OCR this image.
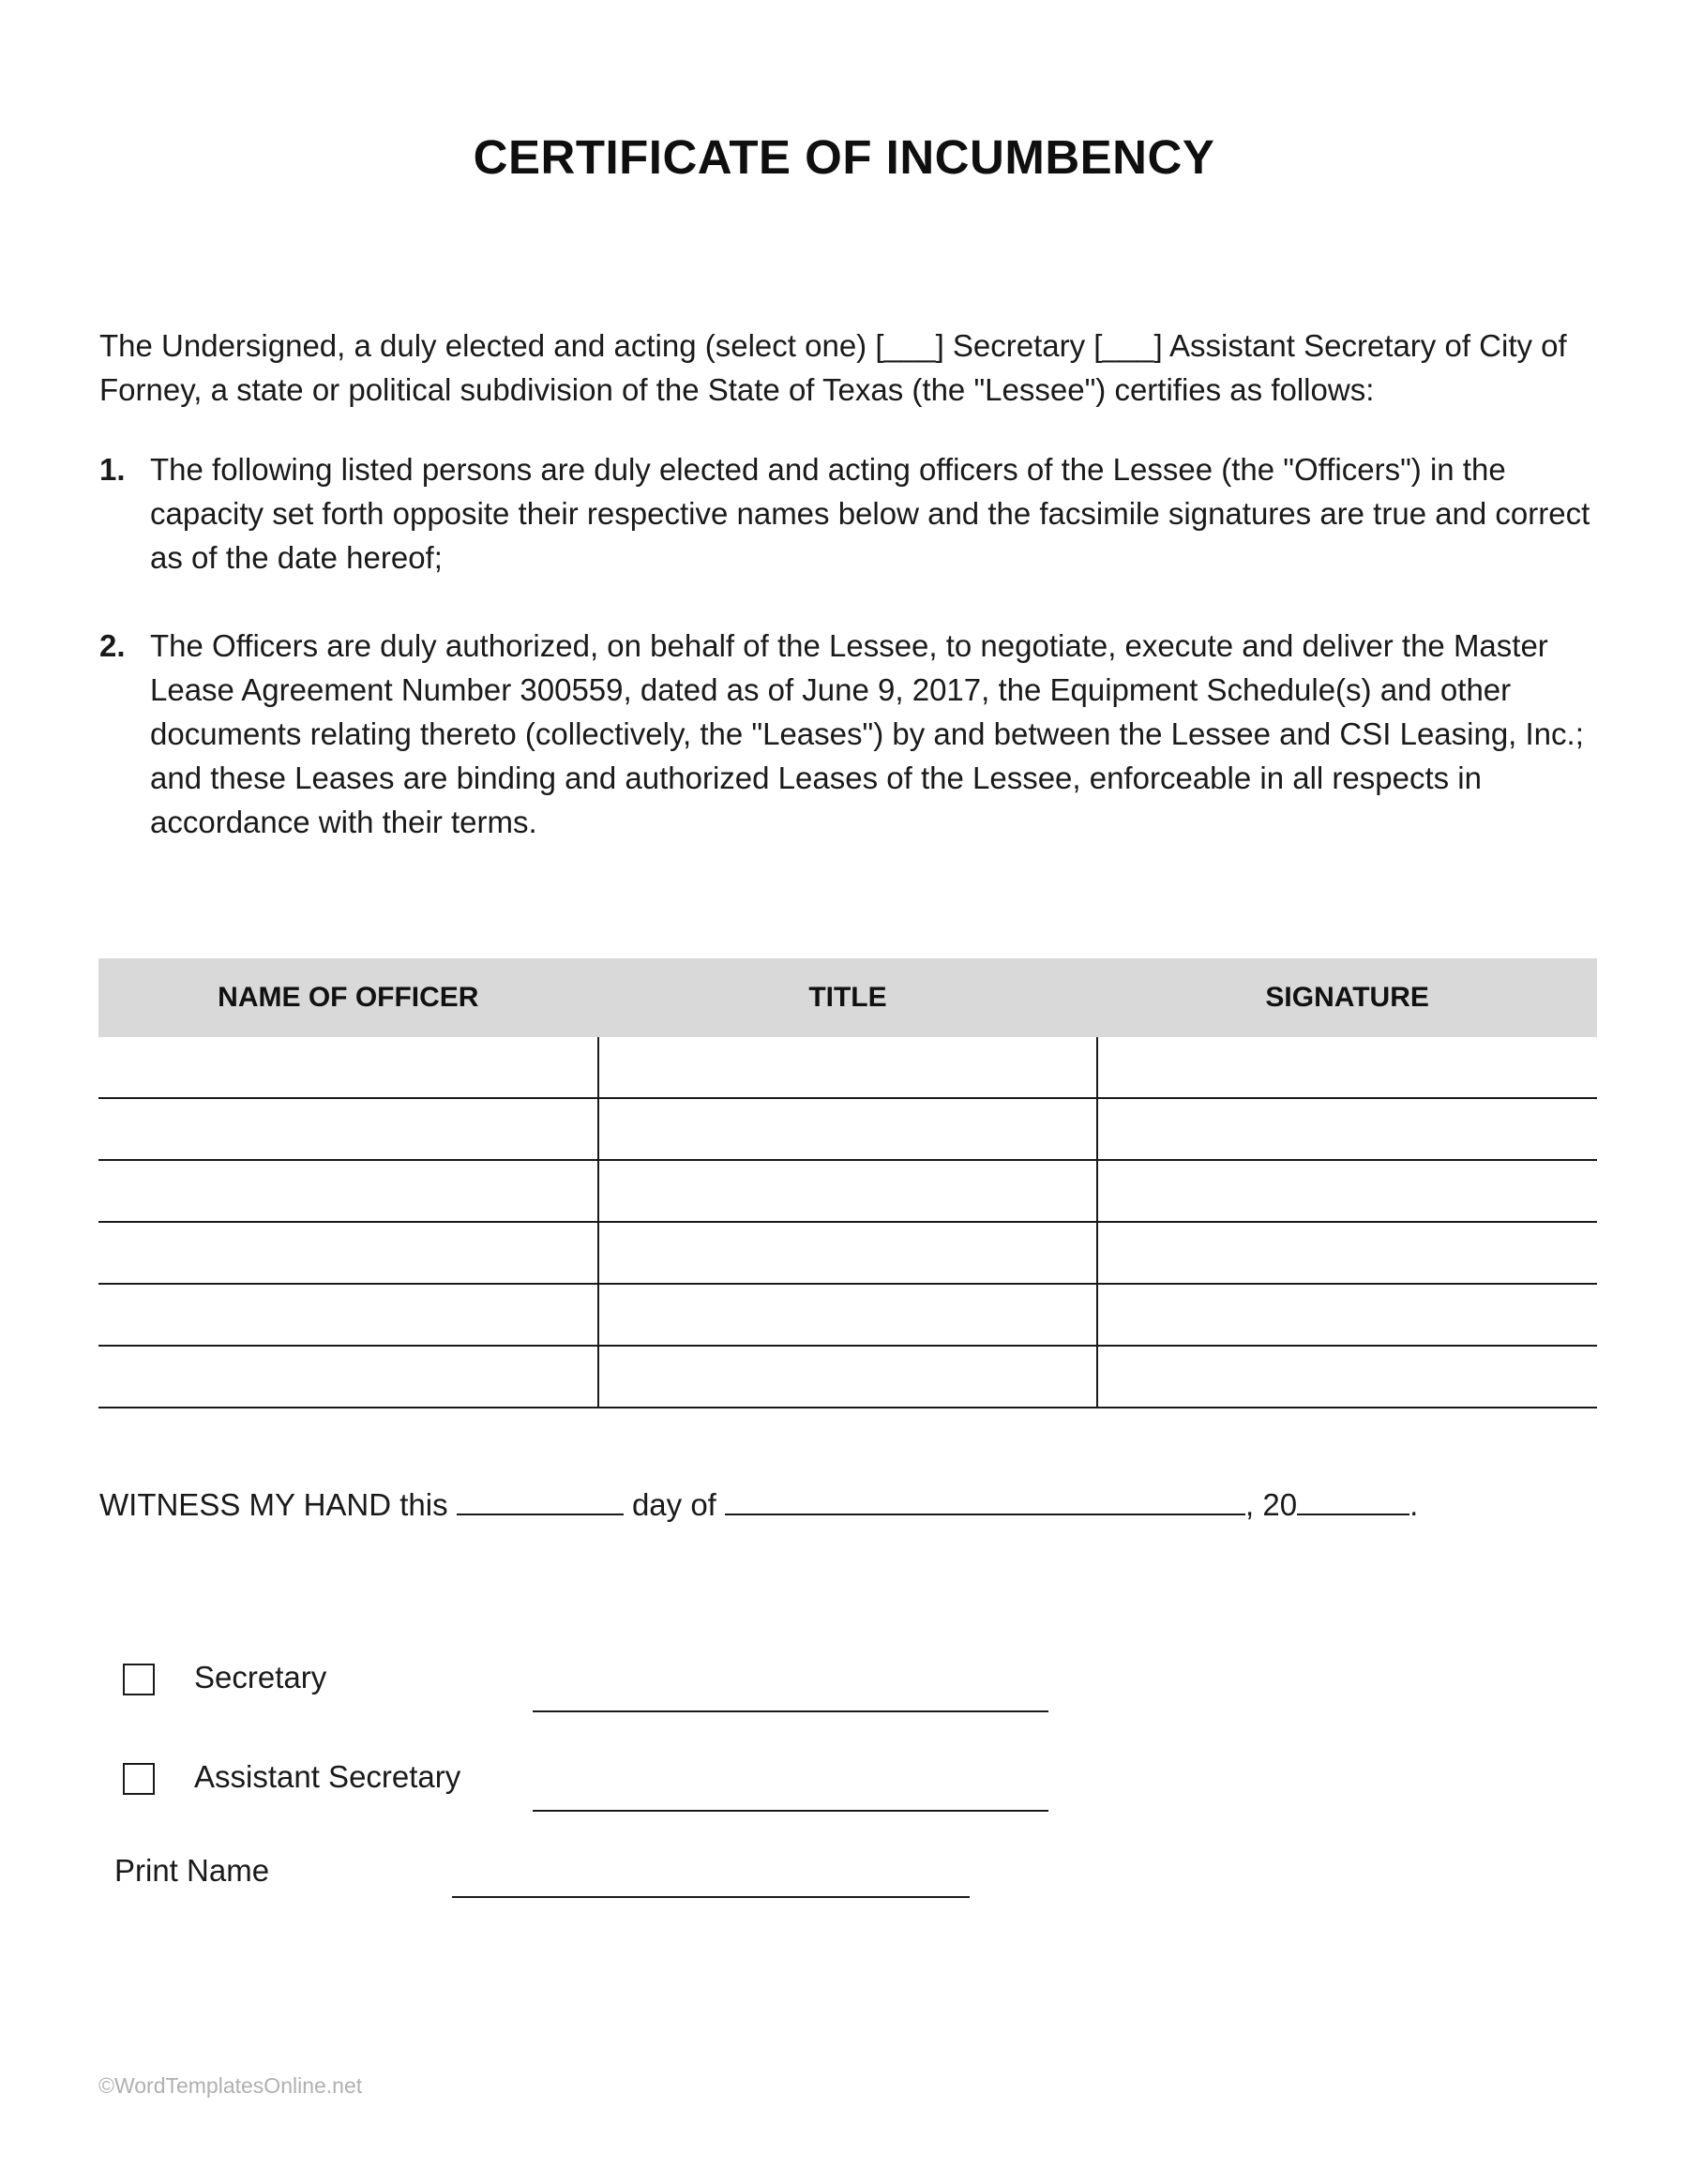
CERTIFICATE OF INCUMBENCY
The Undersigned, a duly elected and acting (select one) [___] Secretary [___] Assistant Secretary of City of Forney, a state or political subdivision of the State of Texas (the "Lessee") certifies as follows:
1. The following listed persons are duly elected and acting officers of the Lessee (the "Officers") in the capacity set forth opposite their respective names below and the facsimile signatures are true and correct as of the date hereof;
2. The Officers are duly authorized, on behalf of the Lessee, to negotiate, execute and deliver the Master Lease Agreement Number 300559, dated as of June 9, 2017, the Equipment Schedule(s) and other documents relating thereto (collectively, the "Leases") by and between the Lessee and CSI Leasing, Inc.; and these Leases are binding and authorized Leases of the Lessee, enforceable in all respects in accordance with their terms.
NAME OF OFFICER	TITLE	SIGNATURE

WITNESS MY HAND this	day of	, 20	.
Secretary
Assistant Secretary
Print Name
©WordTemplatesOnline.net
